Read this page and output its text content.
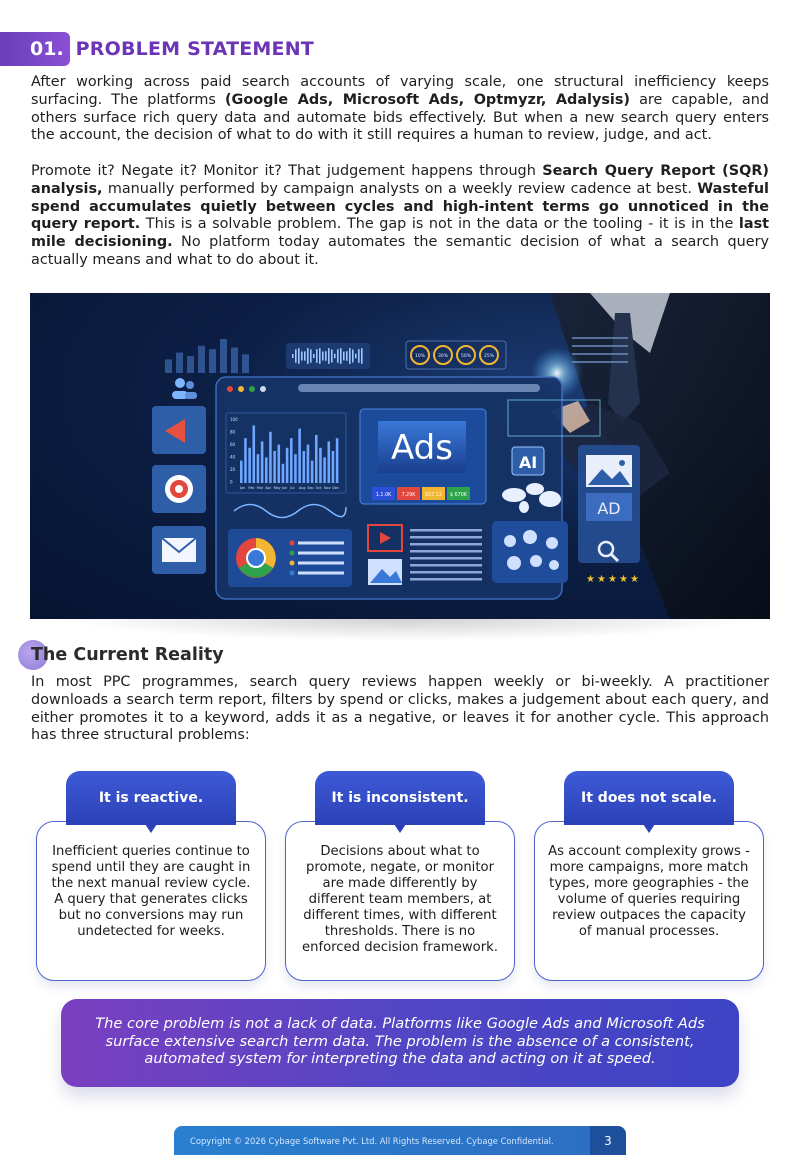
01. PROBLEM STATEMENT

After working across paid search accounts of varying scale, one structural inefficiency keeps surfacing. The platforms (Google Ads, Microsoft Ads, Optmyzr, Adalysis) are capable, and others surface rich query data and automate bids effectively. But when a new search query enters the account, the decision of what to do with it still requires a human to review, judge, and act.

Promote it? Negate it? Monitor it? That judgement happens through Search Query Report (SQR) analysis, manually performed by campaign analysts on a weekly review cadence at best. Wasteful spend accumulates quietly between cycles and high-intent terms go unnoticed in the query report. This is a solvable problem. The gap is not in the data or the tooling - it is in the last mile decisioning. No platform today automates the semantic decision of what a search query actually means and what to do about it.

10%	30%	50%	25%
100
80
60
40
20
0
Jan Feb Mar Apr May Jun Jul Aug Sep Oct Nov Dec
Ads
1.1.0K 7.29K $57.12 $ 670K
AI
AD
★ ★ ★ ★ ★
The Current Reality

In most PPC programmes, search query reviews happen weekly or bi-weekly. A practitioner downloads a search term report, filters by spend or clicks, makes a judgement about each query, and either promotes it to a keyword, adds it as a negative, or leaves it for another cycle. This approach has three structural problems:

Inefficient queries continue to spend until they are caught in the next manual review cycle. A query that generates clicks but no conversions may run undetected for weeks.
It is reactive.
Decisions about what to promote, negate, or monitor are made differently by different team members, at different times, with different thresholds. There is no enforced decision framework.
It is inconsistent.
As account complexity grows - more campaigns, more match types, more geographies - the volume of queries requiring review outpaces the capacity of manual processes.
It does not scale.
The core problem is not a lack of data. Platforms like Google Ads and Microsoft Ads surface extensive search term data. The problem is the absence of a consistent, automated system for interpreting the data and acting on it at speed.
Copyright © 2026 Cybage Software Pvt. Ltd. All Rights Reserved. Cybage Confidential.	3
